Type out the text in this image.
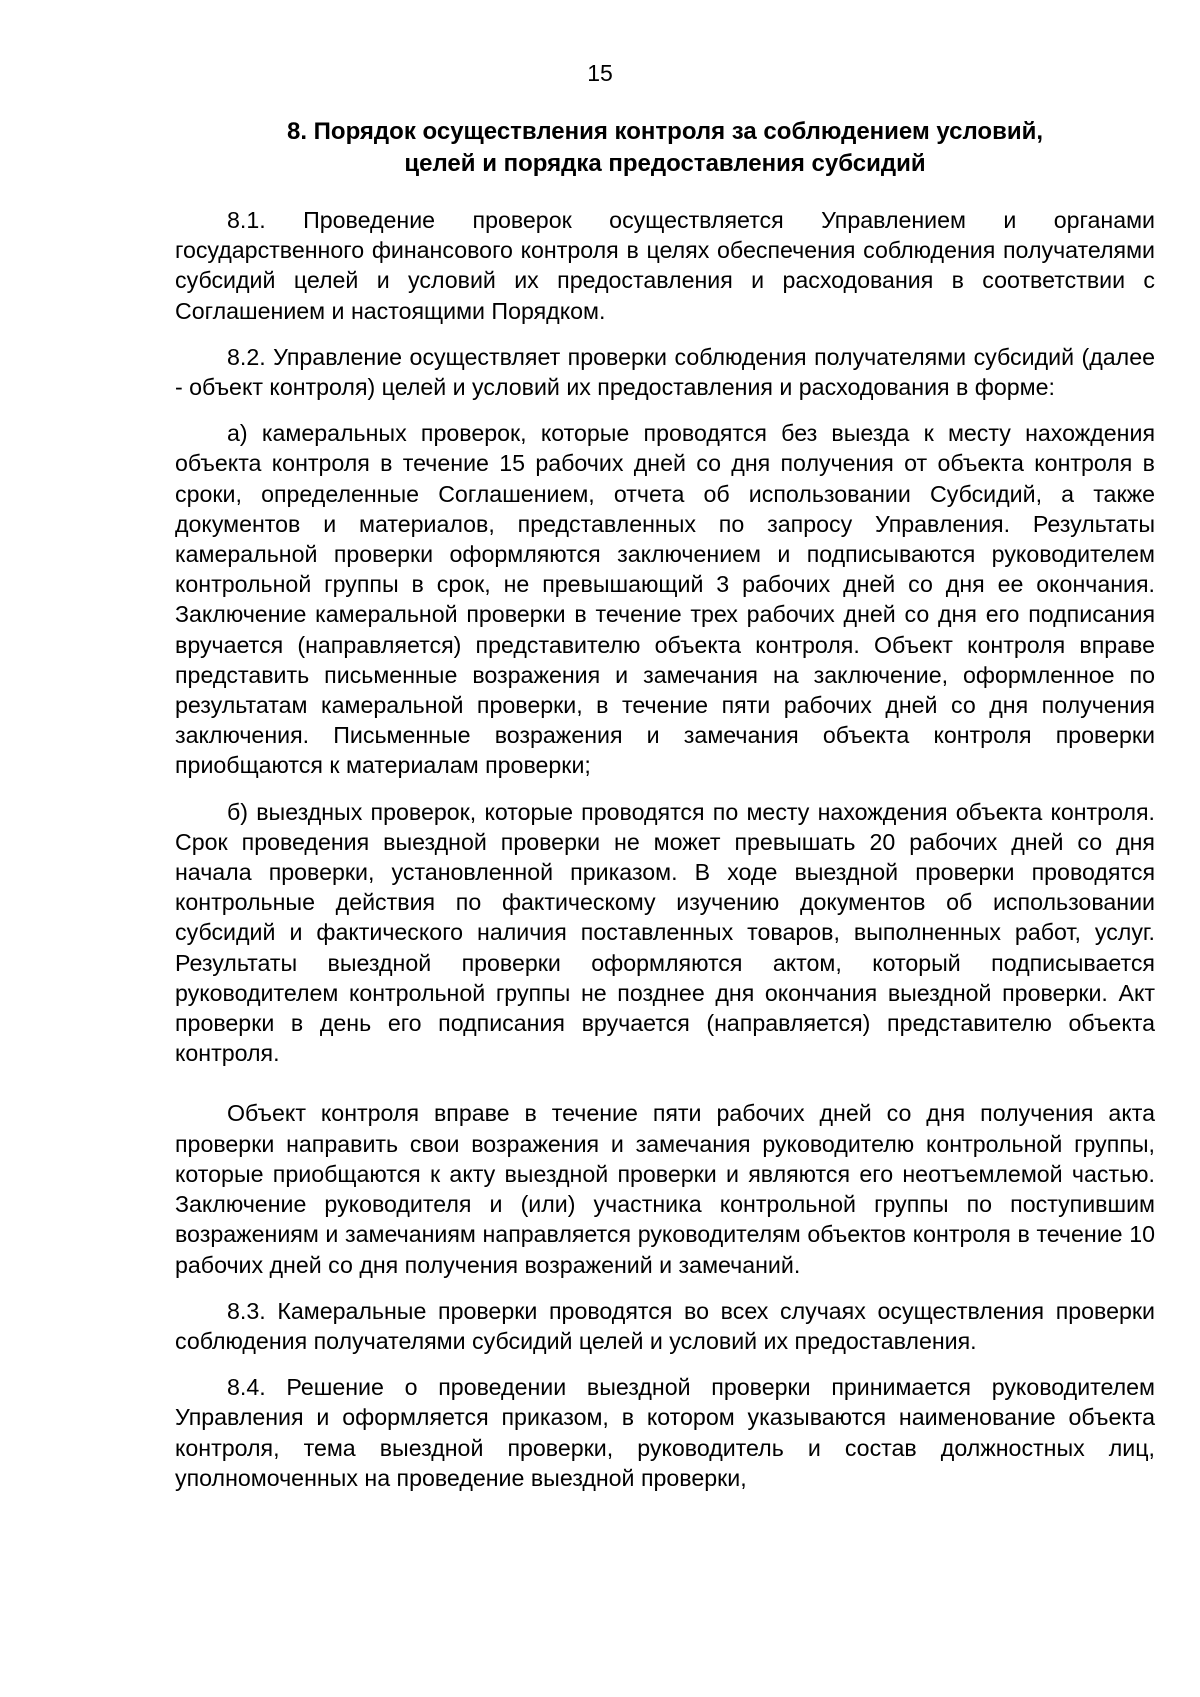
15
8. Порядок осуществления контроля за соблюдением условий,
целей и порядка предоставления субсидий

8.1. Проведение проверок осуществляется Управлением и органами государственного финансового контроля в целях обеспечения соблюдения получателями субсидий целей и условий их предоставления и расходования в соответствии с Соглашением и настоящими Порядком.

8.2. Управление осуществляет проверки соблюдения получателями субсидий (далее - объект контроля) целей и условий их предоставления и расходования в форме:

а) камеральных проверок, которые проводятся без выезда к месту нахождения объекта контроля в течение 15 рабочих дней со дня получения от объекта контроля в сроки, определенные Соглашением, отчета об использовании Субсидий, а также документов и материалов, представленных по запросу Управления. Результаты камеральной проверки оформляются заключением и подписываются руководителем контрольной группы в срок, не превышающий 3 рабочих дней со дня ее окончания. Заключение камеральной проверки в течение трех рабочих дней со дня его подписания вручается (направляется) представителю объекта контроля. Объект контроля вправе представить письменные возражения и замечания на заключение, оформленное по результатам камеральной проверки, в течение пяти рабочих дней со дня получения заключения. Письменные возражения и замечания объекта контроля проверки приобщаются к материалам проверки;

б) выездных проверок, которые проводятся по месту нахождения объекта контроля. Срок проведения выездной проверки не может превышать 20 рабочих дней со дня начала проверки, установленной приказом. В ходе выездной проверки проводятся контрольные действия по фактическому изучению документов об использовании субсидий и фактического наличия поставленных товаров, выполненных работ, услуг. Результаты выездной проверки оформляются актом, который подписывается руководителем контрольной группы не позднее дня окончания выездной проверки. Акт проверки в день его подписания вручается (направляется) представителю объекта контроля.

Объект контроля вправе в течение пяти рабочих дней со дня получения акта проверки направить свои возражения и замечания руководителю контрольной группы, которые приобщаются к акту выездной проверки и являются его неотъемлемой частью. Заключение руководителя и (или) участника контрольной группы по поступившим возражениям и замечаниям направляется руководителям объектов контроля в течение 10 рабочих дней со дня получения возражений и замечаний.

8.3. Камеральные проверки проводятся во всех случаях осуществления проверки соблюдения получателями субсидий целей и условий их предоставления.

8.4. Решение о проведении выездной проверки принимается руководителем Управления и оформляется приказом, в котором указываются наименование объекта контроля, тема выездной проверки, руководитель и состав должностных лиц, уполномоченных на проведение выездной проверки,
